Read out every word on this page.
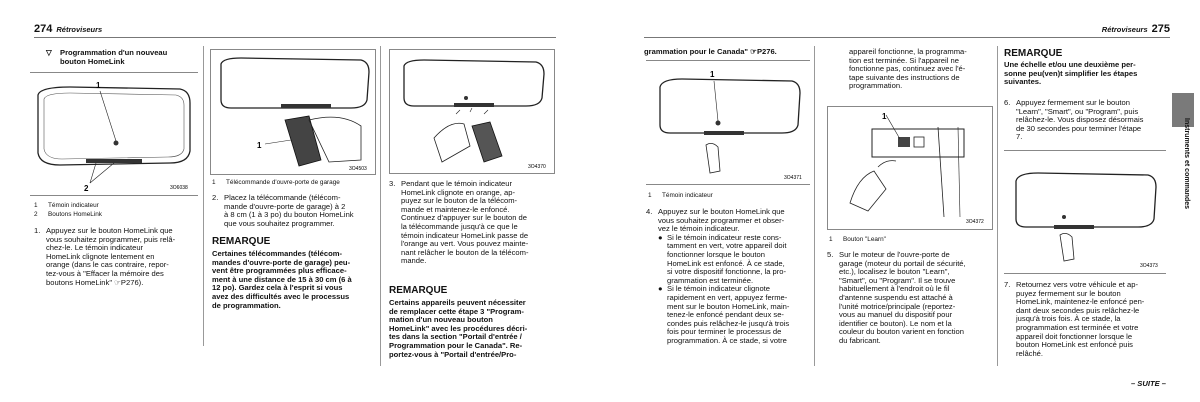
274 Rétroviseurs
▽	Programmation d'un nouveau
bouton HomeLink
1
2	3O6038
1	Témoin indicateur
2	Boutons HomeLink
1. Appuyez sur le bouton HomeLink que
vous souhaitez programmer, puis relâ-
chez-le. Le témoin indicateur
HomeLink clignote lentement en
orange (dans le cas contraire, repor-
tez-vous à "Effacer la mémoire des
boutons HomeLink" ☞P276).
1
3O4503
1	Télécommande d'ouvre-porte de garage
2. Placez la télécommande (télécom-
mande d'ouvre-porte de garage) à 2
à 8 cm (1 à 3 po) du bouton HomeLink
que vous souhaitez programmer.
REMARQUE
Certaines télécommandes (télécom-
mandes d'ouvre-porte de garage) peu-
vent être programmées plus efficace-
ment à une distance de 15 à 30 cm (6 à
12 po). Gardez cela à l'esprit si vous
avez des difficultés avec le processus
de programmation.
3O4370
3. Pendant que le témoin indicateur
HomeLink clignote en orange, ap-
puyez sur le bouton de la télécom-
mande et maintenez-le enfoncé.
Continuez d'appuyer sur le bouton de
la télécommande jusqu'à ce que le
témoin indicateur HomeLink passe de
l'orange au vert. Vous pouvez mainte-
nant relâcher le bouton de la télécom-
mande.
REMARQUE
Certains appareils peuvent nécessiter
de remplacer cette étape 3 "Program-
mation d'un nouveau bouton
HomeLink" avec les procédures décri-
tes dans la section "Portail d'entrée /
Programmation pour le Canada". Re-
portez-vous à "Portail d'entrée/Pro-
Rétroviseurs 275
Instruments et commandes
grammation pour le Canada" ☞P276.
1
3O4371
1	Témoin indicateur
4. Appuyez sur le bouton HomeLink que
vous souhaitez programmer et obser-
vez le témoin indicateur.
● Si le témoin indicateur reste cons-
tamment en vert, votre appareil doit
fonctionner lorsque le bouton
HomeLink est enfoncé. À ce stade,
si votre dispositif fonctionne, la pro-
grammation est terminée.
● Si le témoin indicateur clignote
rapidement en vert, appuyez ferme-
ment sur le bouton HomeLink, main-
tenez-le enfoncé pendant deux se-
condes puis relâchez-le jusqu'à trois
fois pour terminer le processus de
programmation. À ce stade, si votre
appareil fonctionne, la programma-
tion est terminée. Si l'appareil ne
fonctionne pas, continuez avec l'é-
tape suivante des instructions de
programmation.
1
3O4372
1	Bouton "Learn"
5. Sur le moteur de l'ouvre-porte de
garage (moteur du portail de sécurité,
etc.), localisez le bouton "Learn",
"Smart", ou "Program". Il se trouve
habituellement à l'endroit où le fil
d'antenne suspendu est attaché à
l'unité motrice/principale (reportez-
vous au manuel du dispositif pour
identifier ce bouton). Le nom et la
couleur du bouton varient en fonction
du fabricant.
REMARQUE
Une échelle et/ou une deuxième per-
sonne peu(ven)t simplifier les étapes
suivantes.
6. Appuyez fermement sur le bouton
"Learn", "Smart", ou "Program", puis
relâchez-le. Vous disposez désormais
de 30 secondes pour terminer l'étape
7.
3O4373
7. Retournez vers votre véhicule et ap-
puyez fermement sur le bouton
HomeLink, maintenez-le enfoncé pen-
dant deux secondes puis relâchez-le
jusqu'à trois fois. À ce stade, la
programmation est terminée et votre
appareil doit fonctionner lorsque le
bouton HomeLink est enfoncé puis
relâché.
– SUITE –
